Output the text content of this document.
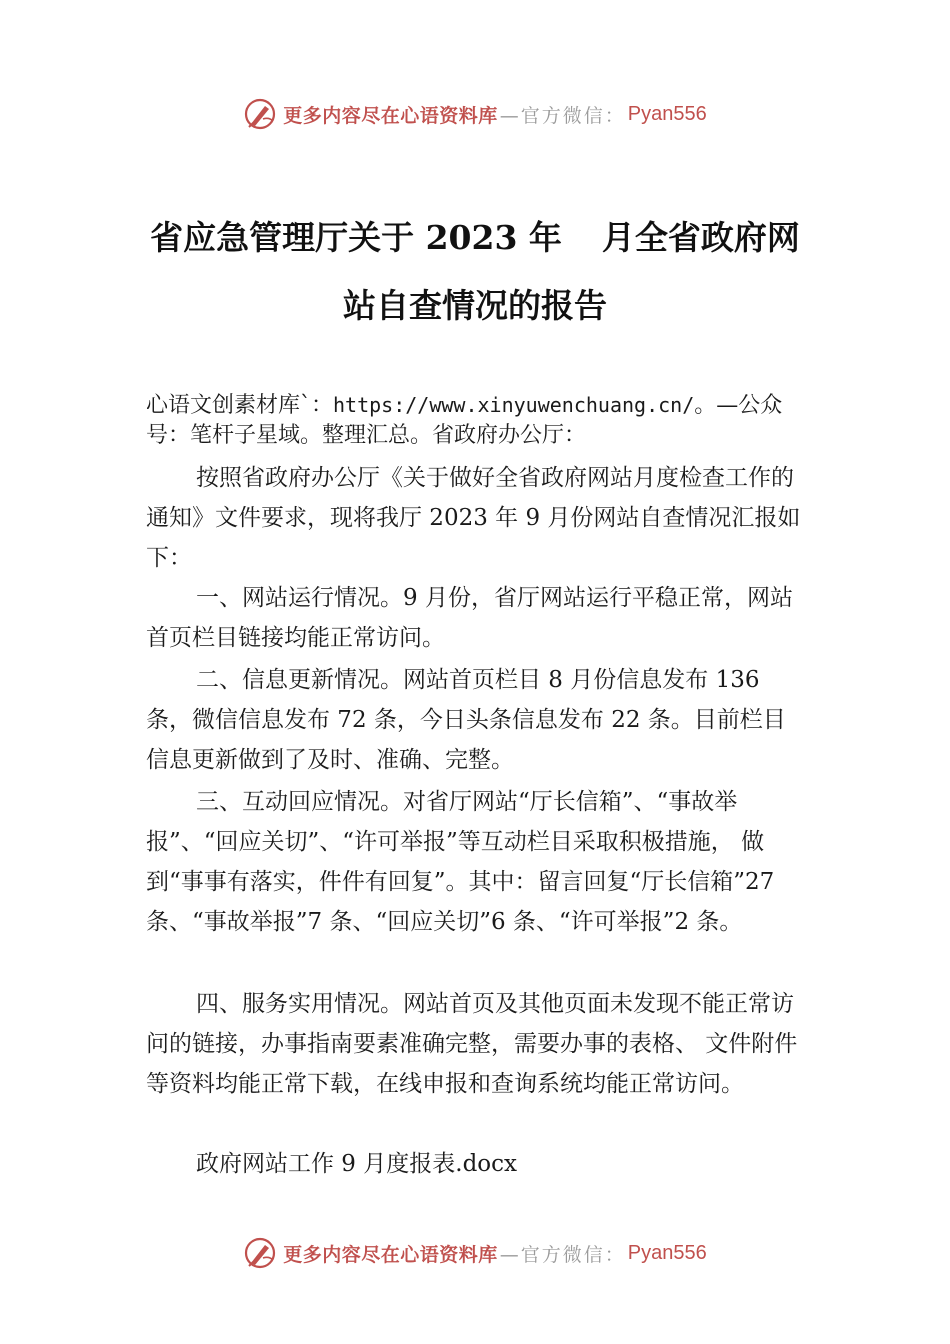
更多内容尽在心语资料库 —官方微信： Pyan556
省应急管理厅关于 2023 年 月全省政府网
站自查情况的报告

心语文创素材库`：https://www.xinyuwenchuang.cn/。—公众号：笔杆子星域。整理汇总。省政府办公厅：

按照省政府办公厅《关于做好全省政府网站月度检查工作的通知》文件要求，现将我厅 2023 年 9 月份网站自查情况汇报如下：

一、网站运行情况。9 月份，省厅网站运行平稳正常，网站首页栏目链接均能正常访问。

二、信息更新情况。网站首页栏目 8 月份信息发布 136 条，微信信息发布 72 条，今日头条信息发布 22 条。目前栏目信息更新做到了及时、准确、完整。

三、互动回应情况。对省厅网站“厅长信箱”、“事故举报”、“回应关切”、“许可举报”等互动栏目采取积极措施， 做到“事事有落实，件件有回复”。其中：留言回复“厅长信箱”27 条、“事故举报”7 条、“回应关切”6 条、“许可举报”2 条。

四、服务实用情况。网站首页及其他页面未发现不能正常访问的链接，办事指南要素准确完整，需要办事的表格、 文件附件等资料均能正常下载，在线申报和查询系统均能正常访问。

政府网站工作 9 月度报表.docx

更多内容尽在心语资料库 —官方微信： Pyan556
